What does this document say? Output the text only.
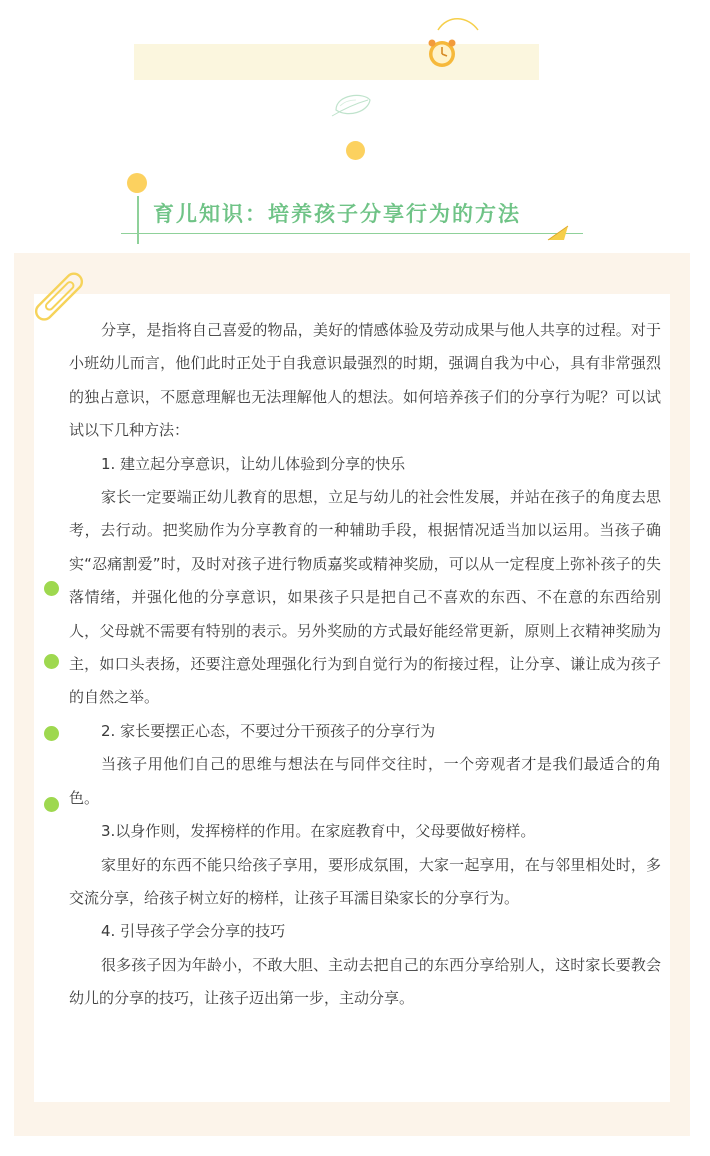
育儿知识：培养孩子分享行为的方法

分享，是指将自己喜爱的物品，美好的情感体验及劳动成果与他人共享的过程。对于小班幼儿而言，他们此时正处于自我意识最强烈的时期，强调自我为中心，具有非常强烈的独占意识，不愿意理解也无法理解他人的想法。如何培养孩子们的分享行为呢？可以试试以下几种方法：

1. 建立起分享意识，让幼儿体验到分享的快乐

家长一定要端正幼儿教育的思想，立足与幼儿的社会性发展，并站在孩子的角度去思考，去行动。把奖励作为分享教育的一种辅助手段，根据情况适当加以运用。当孩子确实“忍痛割爱”时，及时对孩子进行物质嘉奖或精神奖励，可以从一定程度上弥补孩子的失落情绪，并强化他的分享意识，如果孩子只是把自己不喜欢的东西、不在意的东西给别人，父母就不需要有特别的表示。另外奖励的方式最好能经常更新，原则上衣精神奖励为主，如口头表扬，还要注意处理强化行为到自觉行为的衔接过程，让分享、谦让成为孩子的自然之举。

2. 家长要摆正心态，不要过分干预孩子的分享行为

当孩子用他们自己的思维与想法在与同伴交往时，一个旁观者才是我们最适合的角色。

3.以身作则，发挥榜样的作用。在家庭教育中，父母要做好榜样。

家里好的东西不能只给孩子享用，要形成氛围，大家一起享用，在与邻里相处时，多交流分享，给孩子树立好的榜样，让孩子耳濡目染家长的分享行为。

4. 引导孩子学会分享的技巧

很多孩子因为年龄小，不敢大胆、主动去把自己的东西分享给别人，这时家长要教会幼儿的分享的技巧，让孩子迈出第一步，主动分享。
